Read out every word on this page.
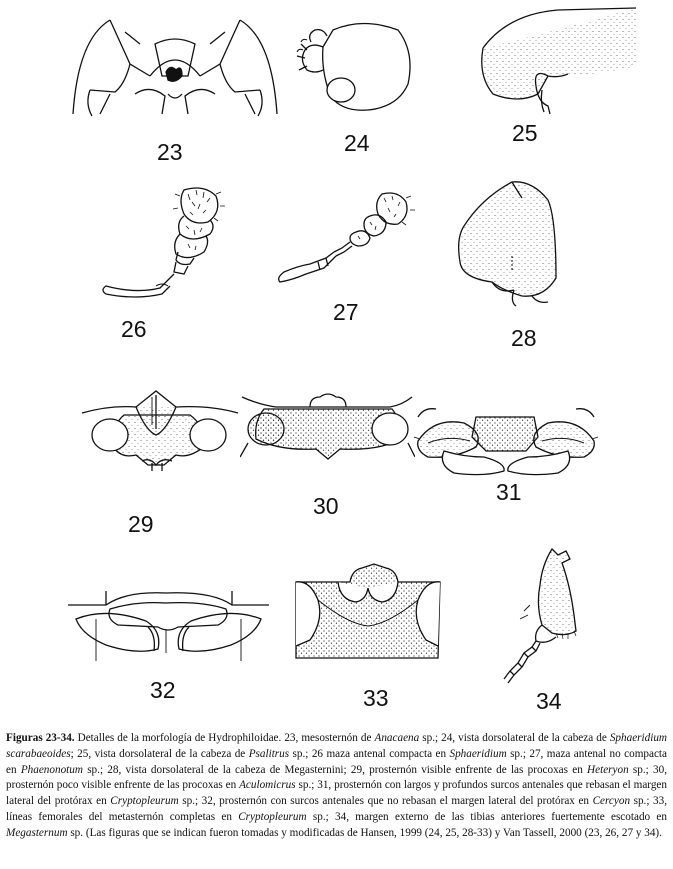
23	24	25
26
27
28
29
30
31
32	33	34
Figuras 23-34. Detalles de la morfología de Hydrophiloidae. 23, mesosternón de Anacaena sp.; 24, vista dorsolateral de la cabeza de Sphaeridium scarabaeoides; 25, vista dorsolateral de la cabeza de Psalitrus sp.; 26 maza antenal compacta en Sphaeridium sp.; 27, maza antenal no compacta en Phaenonotum sp.; 28, vista dorsolateral de la cabeza de Megasternini; 29, prosternón visible enfrente de las procoxas en Heteryon sp.; 30, prosternón poco visible enfrente de las procoxas en Aculomicrus sp.; 31, prosternón con largos y profundos surcos antenales que rebasan el margen lateral del protórax en Cryptopleurum sp.; 32, prosternón con surcos antenales que no rebasan el margen lateral del protórax en Cercyon sp.; 33, líneas femorales del metasternón completas en Cryptopleurum sp.; 34, margen externo de las tibias anteriores fuertemente escotado en Megasternum sp. (Las figuras que se indican fueron tomadas y modificadas de Hansen, 1999 (24, 25, 28-33) y Van Tassell, 2000 (23, 26, 27 y 34).
